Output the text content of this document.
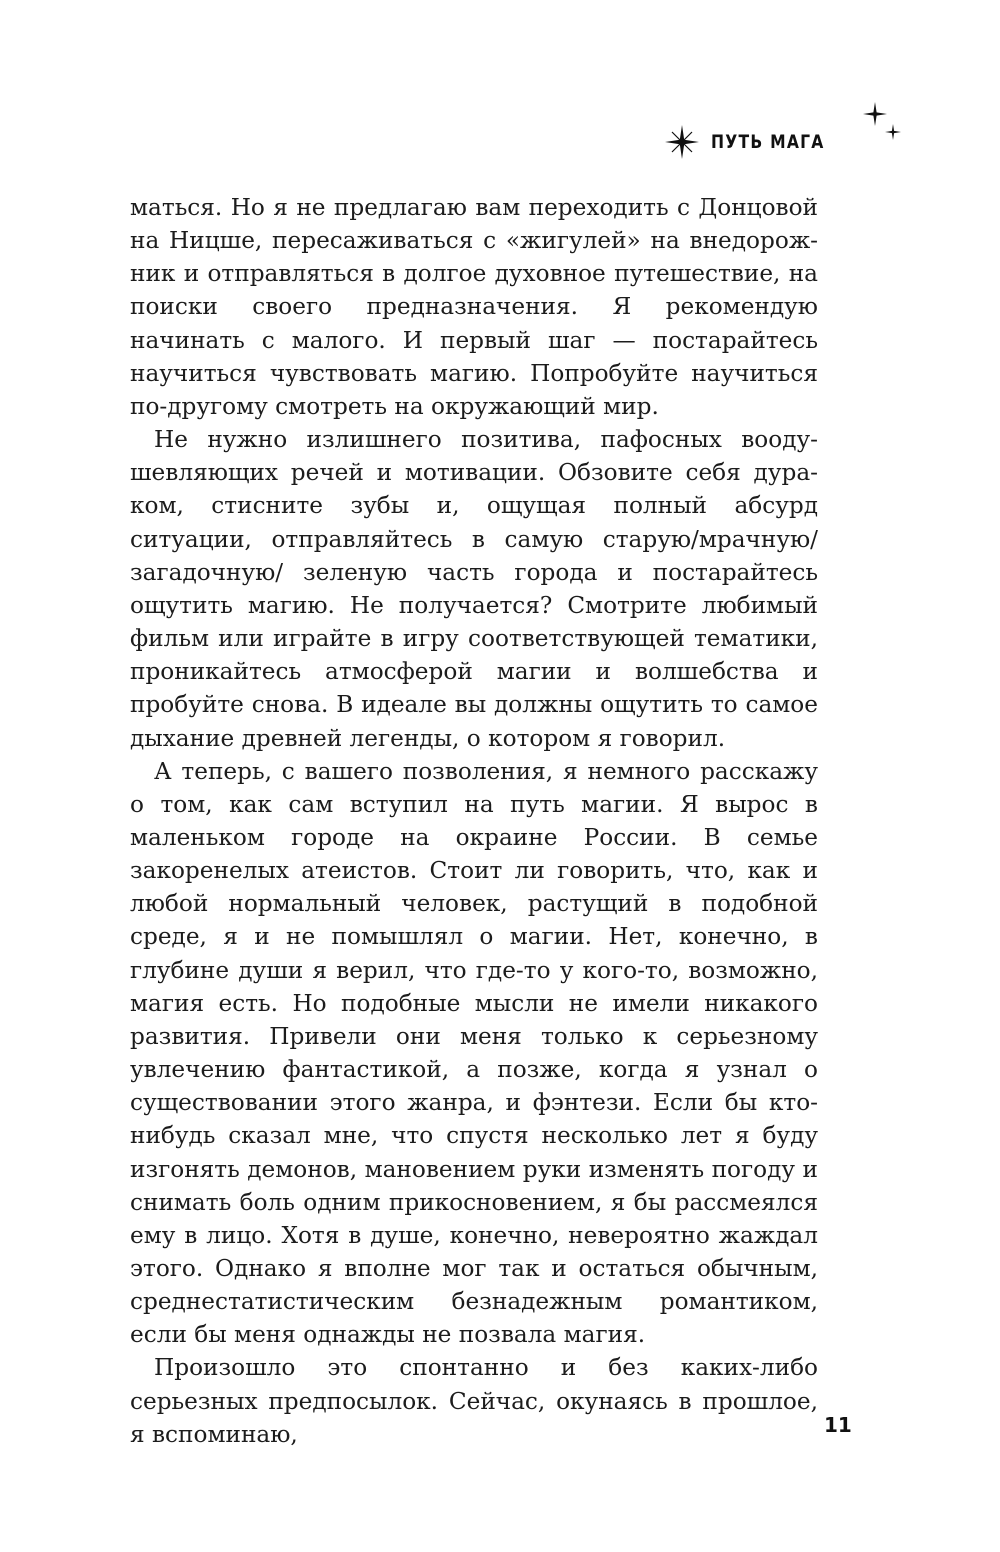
ПУТЬ МАГА

маться. Но я не предлагаю вам переходить с Донцовой на Ницше, пересаживаться с «жигулей» на внедорожник и отправляться в долгое духовное путешествие, на поиски своего предназначения. Я рекомендую начинать с малого. И первый шаг — постарайтесь научиться чувствовать магию. Попробуйте научиться по-другому смотреть на окружающий мир.

Не нужно излишнего позитива, пафосных воодушевляющих речей и мотивации. Обзовите себя дураком, стисните зубы и, ощущая полный абсурд ситуации, отправляйтесь в самую старую/мрачную/загадочную/ зеленую часть города и постарайтесь ощутить магию. Не получается? Смотрите любимый фильм или играйте в игру соответствующей тематики, проникайтесь атмосферой магии и волшебства и пробуйте снова. В идеале вы должны ощутить то самое дыхание древней легенды, о котором я говорил.

А теперь, с вашего позволения, я немного расскажу о том, как сам вступил на путь магии. Я вырос в маленьком городе на окраине России. В семье закоренелых атеистов. Стоит ли говорить, что, как и любой нормальный человек, растущий в подобной среде, я и не помышлял о магии. Нет, конечно, в глубине души я верил, что где-то у кого-то, возможно, магия есть. Но подобные мысли не имели никакого развития. Привели они меня только к серьезному увлечению фантастикой, а позже, когда я узнал о существовании этого жанра, и фэнтези. Если бы кто-нибудь сказал мне, что спустя несколько лет я буду изгонять демонов, мановением руки изменять погоду и снимать боль одним прикосновением, я бы рассмеялся ему в лицо. Хотя в душе, конечно, невероятно жаждал этого. Однако я вполне мог так и остаться обычным, среднестатистическим безнадежным романтиком, если бы меня однажды не позвала магия.

Произошло это спонтанно и без каких-либо серьезных предпосылок. Сейчас, окунаясь в прошлое, я вспоминаю,	11
